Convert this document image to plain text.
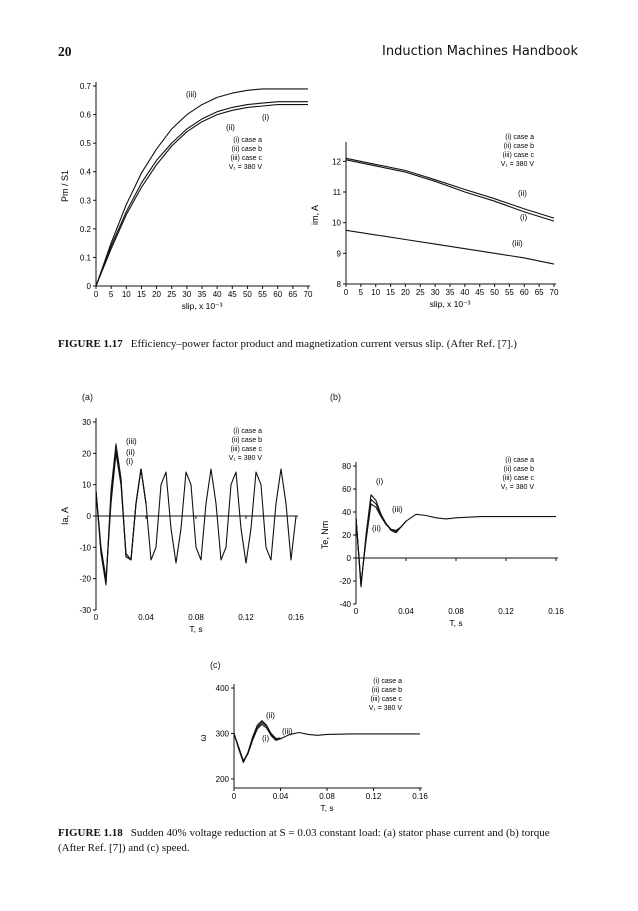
20	Induction Machines Handbook
0 5 10 15 20 25 30 35 40 45 50 55 60 65 70
0
0.1
0.2
0.3
0.4
0.5
0.6
0.7
slip, x 10⁻³
Pm / S1
(i)
(ii)
(iii)
(i) case a
(ii) case b
(iii) case c
V₁ = 380 V
0 5 10 15 20 25 30 35 40 45 50 55 60 65 70
8
9
10
11
12
slip, x 10⁻³
im, A	(i)
(ii)
(iii)
(i) case a
(ii) case b
(iii) case c
V₁ = 380 V
0	0.04	0.08	0.12	0.16
-30
-20
-10
0
10
20
30
T, s
Ia, A
(i)
(ii)
(iii)
(i) case a
(ii) case b
(iii) case c
V₁ = 380 V
0	0.04	0.08	0.12	0.16
-40
-20
0
20
40
60
80
T, s
Te, Nm
(i)
(ii)
(iii)
(i) case a
(ii) case b
(iii) case c
V₁ = 380 V
0	0.04	0.08	0.12	0.16
200
300
400
T, s
ω	(i)
(ii)
(iii)
(i) case a
(ii) case b
(iii) case c
V₁ = 380 V
(a)	(b)
(c)
FIGURE 1.17 Efficiency–power factor product and magnetization current versus slip. (After Ref. [7].)
FIGURE 1.18 Sudden 40% voltage reduction at S = 0.03 constant load: (a) stator phase current and (b) torque (After Ref. [7]) and (c) speed.
